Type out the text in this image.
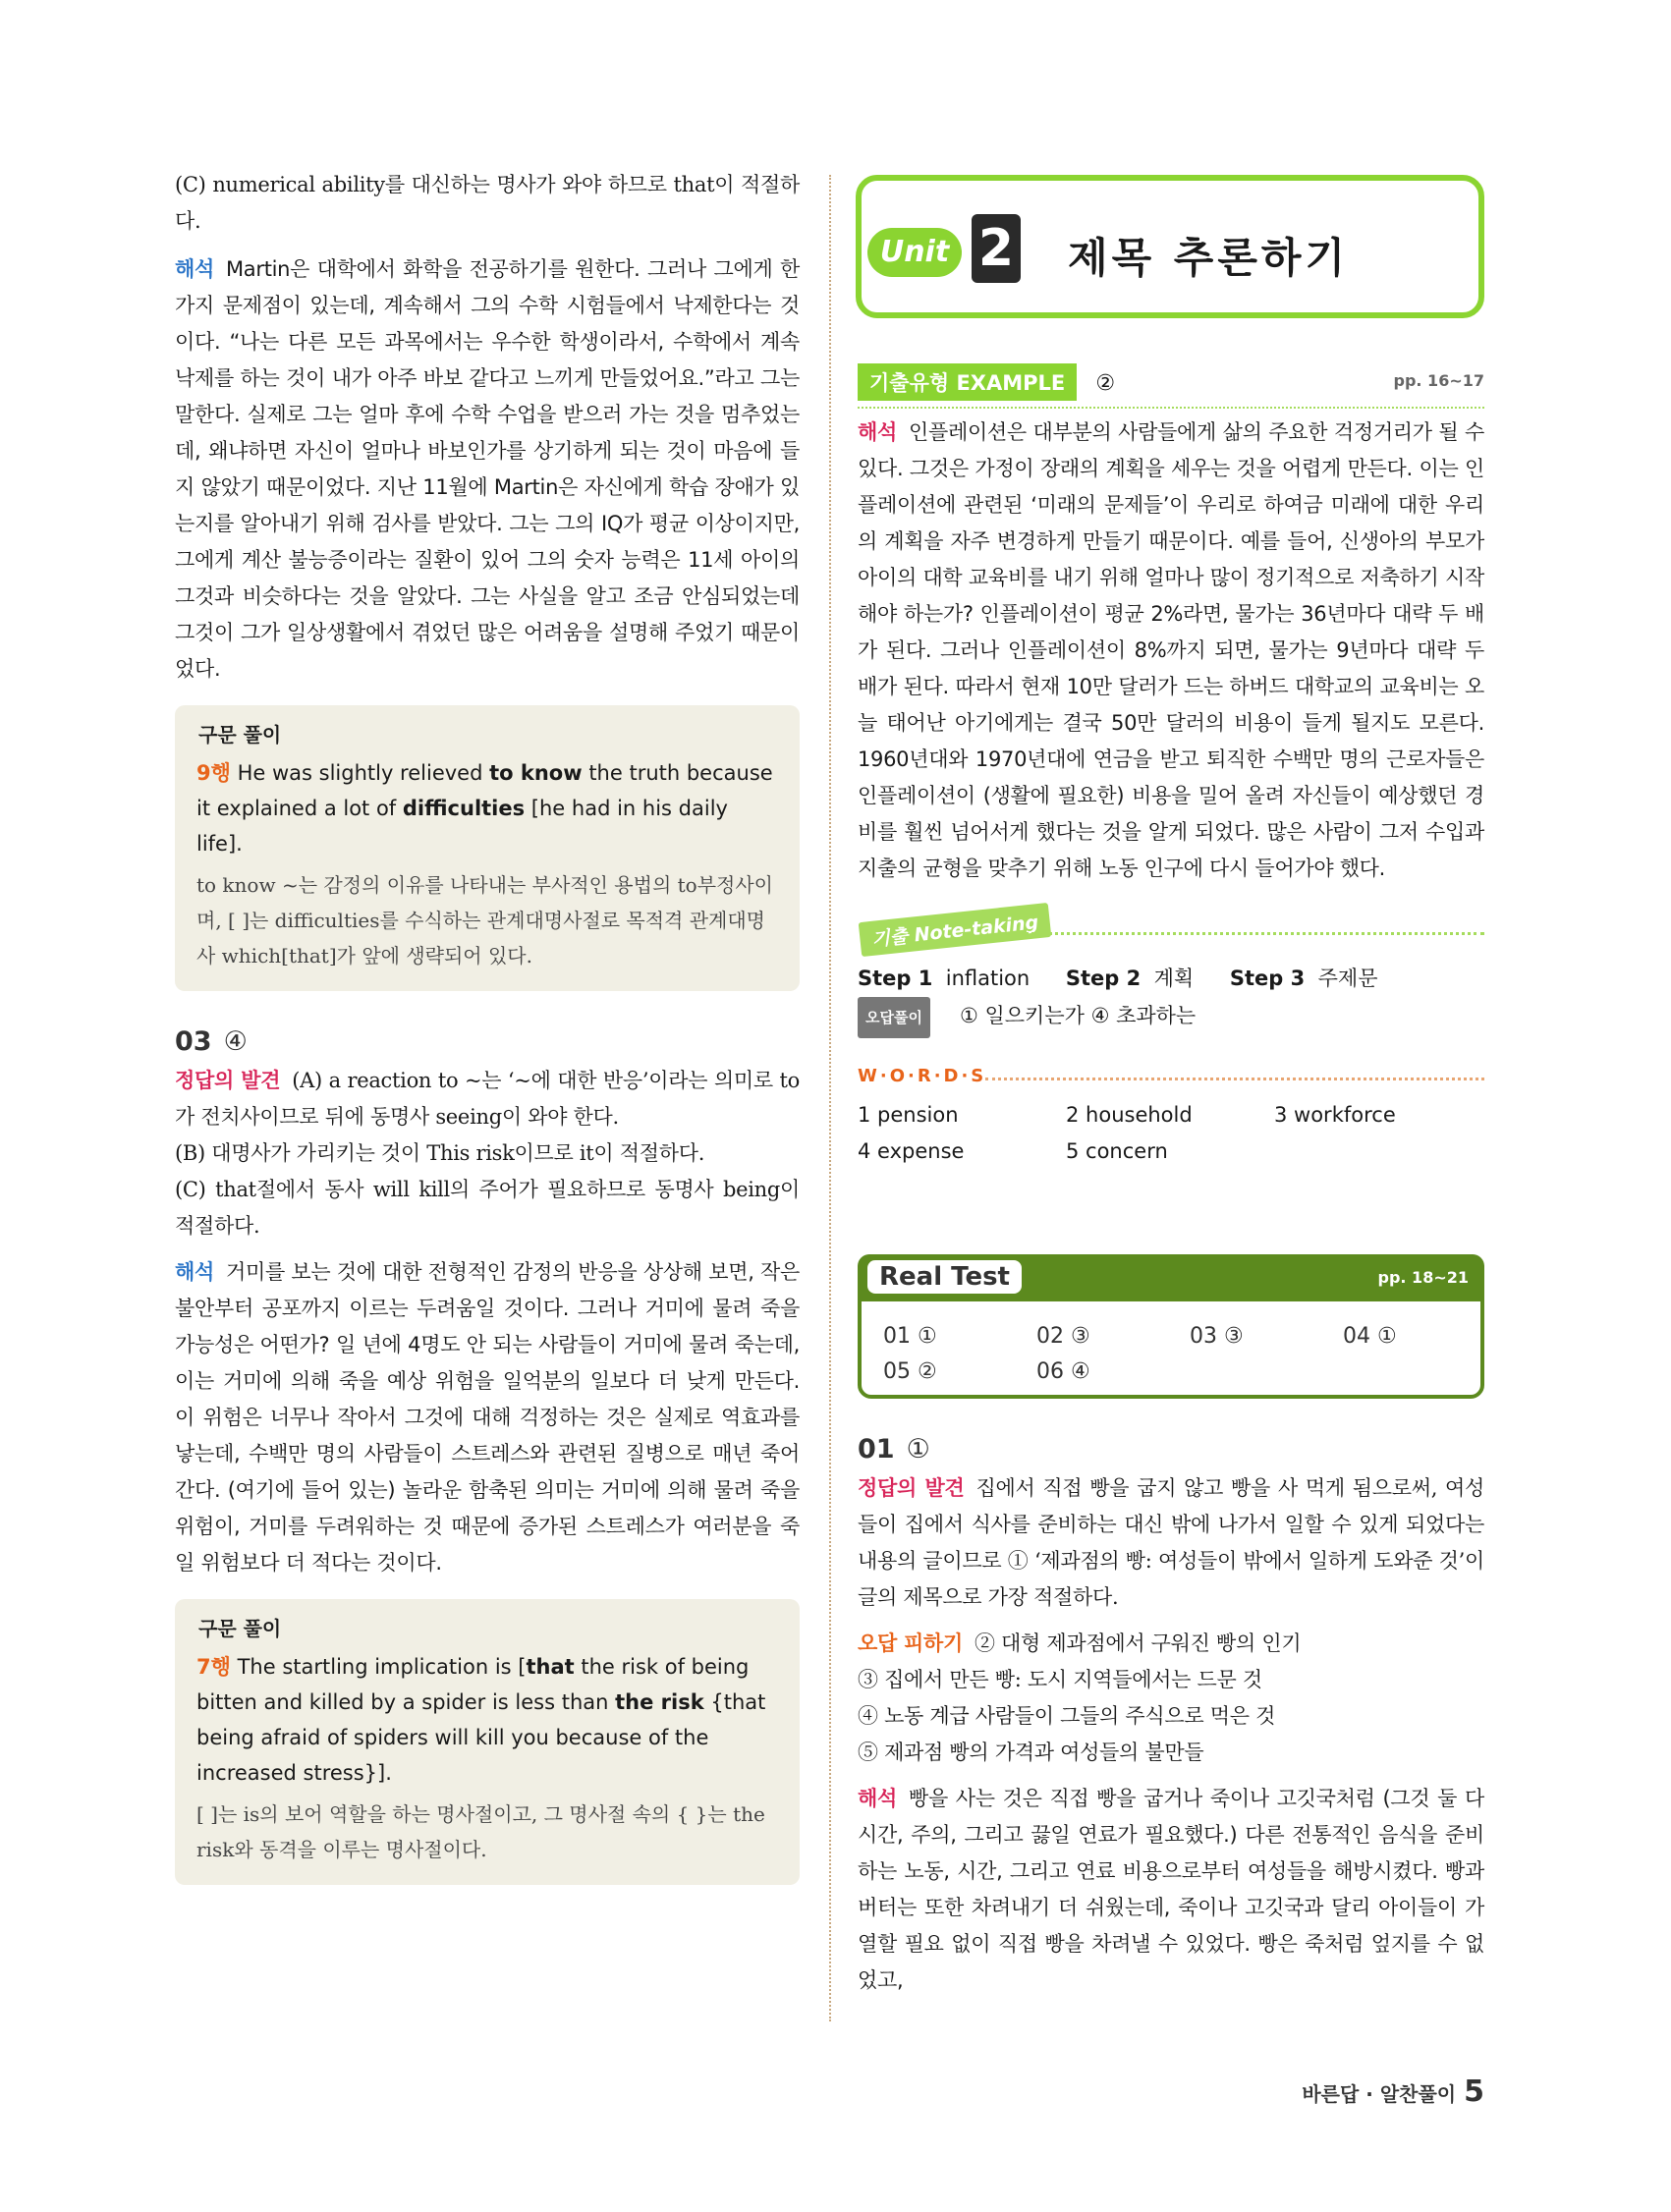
(C) numerical ability를 대신하는 명사가 와야 하므로 that이 적절하다.

해석 Martin은 대학에서 화학을 전공하기를 원한다. 그러나 그에게 한 가지 문제점이 있는데, 계속해서 그의 수학 시험들에서 낙제한다는 것이다. “나는 다른 모든 과목에서는 우수한 학생이라서, 수학에서 계속 낙제를 하는 것이 내가 아주 바보 같다고 느끼게 만들었어요.”라고 그는 말한다. 실제로 그는 얼마 후에 수학 수업을 받으러 가는 것을 멈추었는데, 왜냐하면 자신이 얼마나 바보인가를 상기하게 되는 것이 마음에 들지 않았기 때문이었다. 지난 11월에 Martin은 자신에게 학습 장애가 있는지를 알아내기 위해 검사를 받았다. 그는 그의 IQ가 평균 이상이지만, 그에게 계산 불능증이라는 질환이 있어 그의 숫자 능력은 11세 아이의 그것과 비슷하다는 것을 알았다. 그는 사실을 알고 조금 안심되었는데 그것이 그가 일상생활에서 겪었던 많은 어려움을 설명해 주었기 때문이었다.

구문 풀이

9행 He was slightly relieved to know the truth because it explained a lot of difficulties [he had in his daily life].

to know ~는 감정의 이유를 나타내는 부사적인 용법의 to부정사이며, [ ]는 difficulties를 수식하는 관계대명사절로 목적격 관계대명사 which[that]가 앞에 생략되어 있다.

03 ④

정답의 발견 (A) a reaction to ~는 ‘~에 대한 반응’이라는 의미로 to가 전치사이므로 뒤에 동명사 seeing이 와야 한다.

(B) 대명사가 가리키는 것이 This risk이므로 it이 적절하다.

(C) that절에서 동사 will kill의 주어가 필요하므로 동명사 being이 적절하다.

해석 거미를 보는 것에 대한 전형적인 감정의 반응을 상상해 보면, 작은 불안부터 공포까지 이르는 두려움일 것이다. 그러나 거미에 물려 죽을 가능성은 어떤가? 일 년에 4명도 안 되는 사람들이 거미에 물려 죽는데, 이는 거미에 의해 죽을 예상 위험을 일억분의 일보다 더 낮게 만든다. 이 위험은 너무나 작아서 그것에 대해 걱정하는 것은 실제로 역효과를 낳는데, 수백만 명의 사람들이 스트레스와 관련된 질병으로 매년 죽어 간다. (여기에 들어 있는) 놀라운 함축된 의미는 거미에 의해 물려 죽을 위험이, 거미를 두려워하는 것 때문에 증가된 스트레스가 여러분을 죽일 위험보다 더 적다는 것이다.

구문 풀이

7행 The startling implication is [that the risk of being bitten and killed by a spider is less than the risk {that being afraid of spiders will kill you because of the increased stress}].

[ ]는 is의 보어 역할을 하는 명사절이고, 그 명사절 속의 { }는 the risk와 동격을 이루는 명사절이다.

Unit 2 제목 추론하기
기출유형 EXAMPLE ②	pp. 16~17

해석 인플레이션은 대부분의 사람들에게 삶의 주요한 걱정거리가 될 수 있다. 그것은 가정이 장래의 계획을 세우는 것을 어렵게 만든다. 이는 인플레이션에 관련된 ‘미래의 문제들’이 우리로 하여금 미래에 대한 우리의 계획을 자주 변경하게 만들기 때문이다. 예를 들어, 신생아의 부모가 아이의 대학 교육비를 내기 위해 얼마나 많이 정기적으로 저축하기 시작해야 하는가? 인플레이션이 평균 2%라면, 물가는 36년마다 대략 두 배가 된다. 그러나 인플레이션이 8%까지 되면, 물가는 9년마다 대략 두 배가 된다. 따라서 현재 10만 달러가 드는 하버드 대학교의 교육비는 오늘 태어난 아기에게는 결국 50만 달러의 비용이 들게 될지도 모른다. 1960년대와 1970년대에 연금을 받고 퇴직한 수백만 명의 근로자들은 인플레이션이 (생활에 필요한) 비용을 밀어 올려 자신들이 예상했던 경비를 훨씬 넘어서게 했다는 것을 알게 되었다. 많은 사람이 그저 수입과 지출의 균형을 맞추기 위해 노동 인구에 다시 들어가야 했다.

기출 Note-taking
Step 1 inflation Step 2 계획 Step 3 주제문
오답풀이 ① 일으키는가 ④ 초과하는
W·O·R·D·S
1 pension	2 household	3 workforce
4 expense	5 concern
Real Test	pp. 18~21
01 ①	02 ③	03 ③	04 ①
05 ②	06 ④
01 ①

정답의 발견 집에서 직접 빵을 굽지 않고 빵을 사 먹게 됨으로써, 여성들이 집에서 식사를 준비하는 대신 밖에 나가서 일할 수 있게 되었다는 내용의 글이므로 ① ‘제과점의 빵: 여성들이 밖에서 일하게 도와준 것’이 글의 제목으로 가장 적절하다.

오답 피하기 ② 대형 제과점에서 구워진 빵의 인기

③ 집에서 만든 빵: 도시 지역들에서는 드문 것

④ 노동 계급 사람들이 그들의 주식으로 먹은 것

⑤ 제과점 빵의 가격과 여성들의 불만들

해석 빵을 사는 것은 직접 빵을 굽거나 죽이나 고깃국처럼 (그것 둘 다 시간, 주의, 그리고 끓일 연료가 필요했다.) 다른 전통적인 음식을 준비하는 노동, 시간, 그리고 연료 비용으로부터 여성들을 해방시켰다. 빵과 버터는 또한 차려내기 더 쉬웠는데, 죽이나 고깃국과 달리 아이들이 가열할 필요 없이 직접 빵을 차려낼 수 있었다. 빵은 죽처럼 엎지를 수 없었고,

바른답 · 알찬풀이 5
